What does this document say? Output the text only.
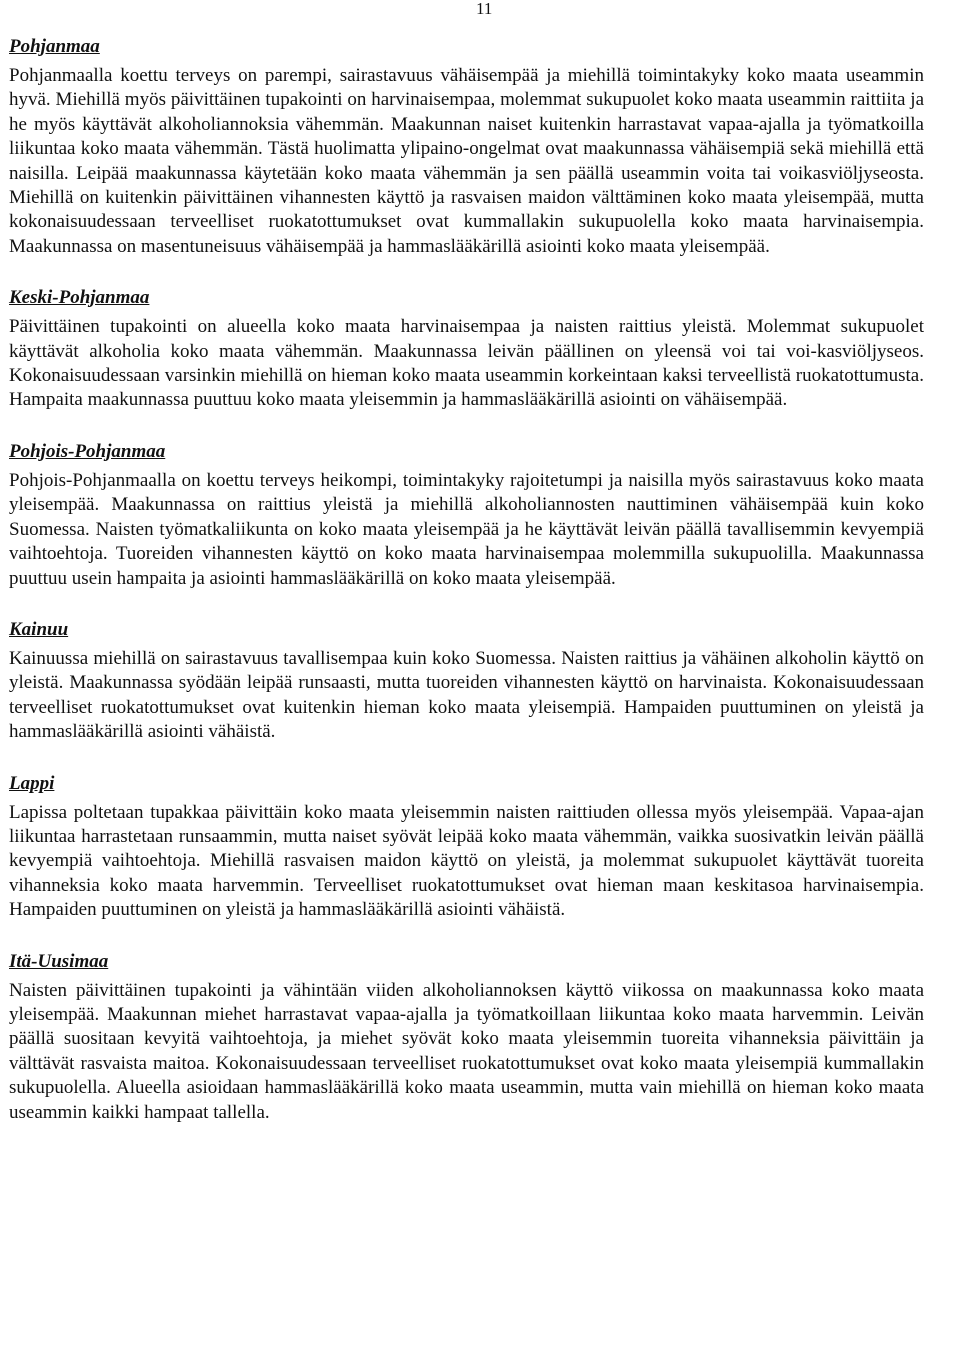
11
Pohjanmaa

Pohjanmaalla koettu terveys on parempi, sairastavuus vähäisempää ja miehillä toimintakyky koko maata useammin hyvä. Miehillä myös päivittäinen tupakointi on harvinaisempaa, molemmat sukupuolet koko maata useammin raittiita ja he myös käyttävät alkoholiannoksia vähemmän. Maakunnan naiset kuitenkin harrastavat vapaa-ajalla ja työmatkoilla liikuntaa koko maata vähemmän. Tästä huolimatta ylipaino-ongelmat ovat maakunnassa vähäisempiä sekä miehillä että naisilla. Leipää maakunnassa käytetään koko maata vähemmän ja sen päällä useammin voita tai voikasviöljyseosta. Miehillä on kuitenkin päivittäinen vihannesten käyttö ja rasvaisen maidon välttäminen koko maata yleisempää, mutta kokonaisuudessaan terveelliset ruokatottumukset ovat kummallakin sukupuolella koko maata harvinaisempia. Maakunnassa on masentuneisuus vähäisempää ja hammaslääkärillä asiointi koko maata yleisempää.

Keski-Pohjanmaa

Päivittäinen tupakointi on alueella koko maata harvinaisempaa ja naisten raittius yleistä. Molemmat sukupuolet käyttävät alkoholia koko maata vähemmän. Maakunnassa leivän päällinen on yleensä voi tai voi-kasviöljyseos. Kokonaisuudessaan varsinkin miehillä on hieman koko maata useammin korkeintaan kaksi terveellistä ruokatottumusta. Hampaita maakunnassa puuttuu koko maata yleisemmin ja hammaslääkärillä asiointi on vähäisempää.

Pohjois-Pohjanmaa

Pohjois-Pohjanmaalla on koettu terveys heikompi, toimintakyky rajoitetumpi ja naisilla myös sairastavuus koko maata yleisempää. Maakunnassa on raittius yleistä ja miehillä alkoholiannosten nauttiminen vähäisempää kuin koko Suomessa. Naisten työmatkaliikunta on koko maata yleisempää ja he käyttävät leivän päällä tavallisemmin kevyempiä vaihtoehtoja. Tuoreiden vihannesten käyttö on koko maata harvinaisempaa molemmilla sukupuolilla. Maakunnassa puuttuu usein hampaita ja asiointi hammaslääkärillä on koko maata yleisempää.

Kainuu

Kainuussa miehillä on sairastavuus tavallisempaa kuin koko Suomessa. Naisten raittius ja vähäinen alkoholin käyttö on yleistä. Maakunnassa syödään leipää runsaasti, mutta tuoreiden vihannesten käyttö on harvinaista. Kokonaisuudessaan terveelliset ruokatottumukset ovat kuitenkin hieman koko maata yleisempiä. Hampaiden puuttuminen on yleistä ja hammaslääkärillä asiointi vähäistä.

Lappi

Lapissa poltetaan tupakkaa päivittäin koko maata yleisemmin naisten raittiuden ollessa myös yleisempää. Vapaa-ajan liikuntaa harrastetaan runsaammin, mutta naiset syövät leipää koko maata vähemmän, vaikka suosivatkin leivän päällä kevyempiä vaihtoehtoja. Miehillä rasvaisen maidon käyttö on yleistä, ja molemmat sukupuolet käyttävät tuoreita vihanneksia koko maata harvemmin. Terveelliset ruokatottumukset ovat hieman maan keskitasoa harvinaisempia. Hampaiden puuttuminen on yleistä ja hammaslääkärillä asiointi vähäistä.

Itä-Uusimaa

Naisten päivittäinen tupakointi ja vähintään viiden alkoholiannoksen käyttö viikossa on maakunnassa koko maata yleisempää. Maakunnan miehet harrastavat vapaa-ajalla ja työmatkoillaan liikuntaa koko maata harvemmin. Leivän päällä suositaan kevyitä vaihtoehtoja, ja miehet syövät koko maata yleisemmin tuoreita vihanneksia päivittäin ja välttävät rasvaista maitoa. Kokonaisuudessaan terveelliset ruokatottumukset ovat koko maata yleisempiä kummallakin sukupuolella. Alueella asioidaan hammaslääkärillä koko maata useammin, mutta vain miehillä on hieman koko maata useammin kaikki hampaat tallella.
